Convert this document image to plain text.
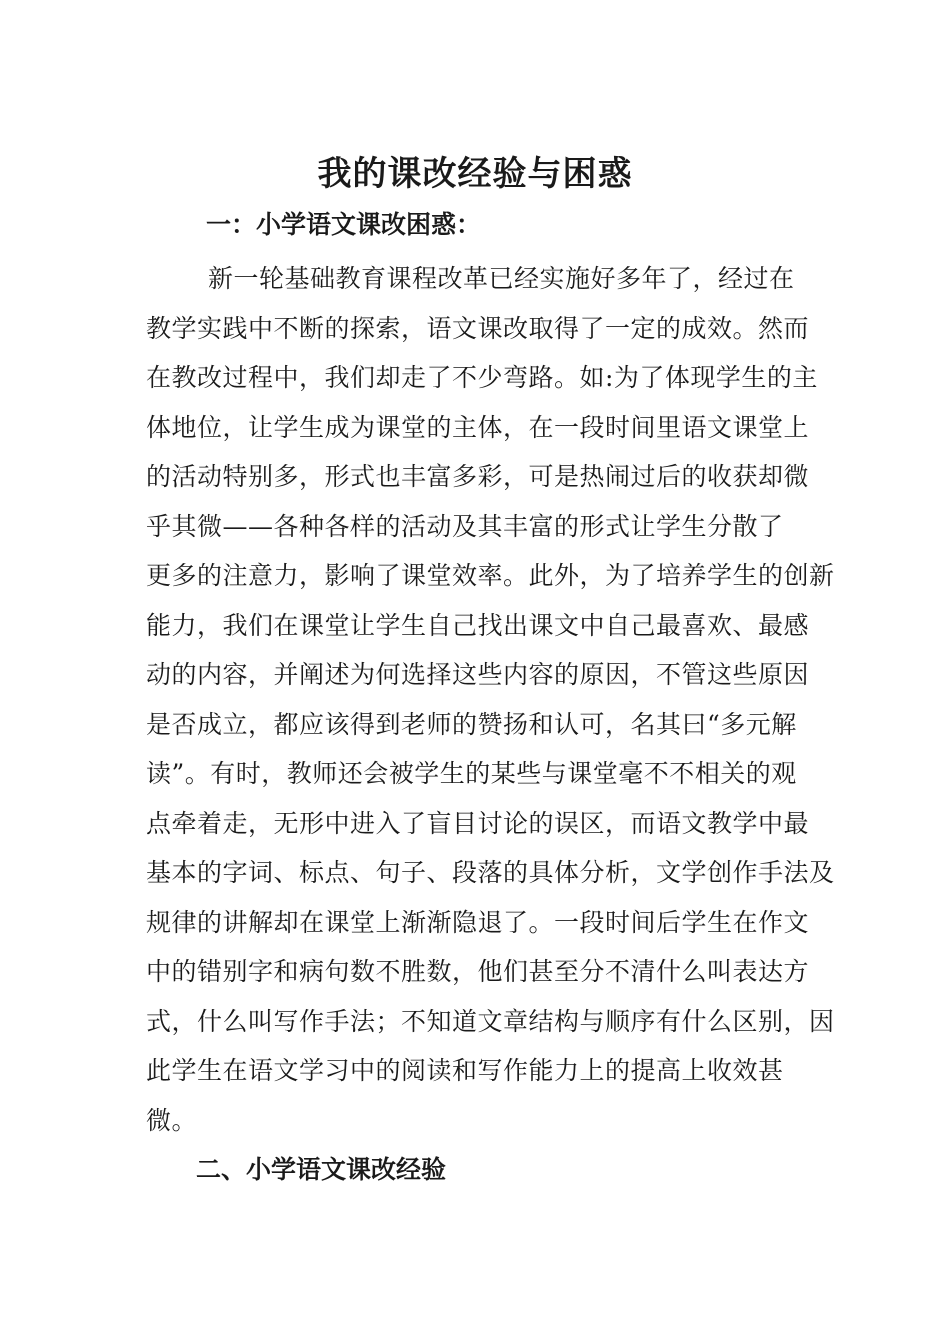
我的课改经验与困惑
一：小学语文课改困惑：
新一轮基础教育课程改革已经实施好多年了，经过在
教学实践中不断的探索，语文课改取得了一定的成效。然而
在教改过程中，我们却走了不少弯路。如:为了体现学生的主
体地位，让学生成为课堂的主体，在一段时间里语文课堂上
的活动特别多，形式也丰富多彩，可是热闹过后的收获却微
乎其微——各种各样的活动及其丰富的形式让学生分散了
更多的注意力，影响了课堂效率。此外，为了培养学生的创新
能力，我们在课堂让学生自己找出课文中自己最喜欢、最感
动的内容，并阐述为何选择这些内容的原因，不管这些原因
是否成立，都应该得到老师的赞扬和认可，名其曰“多元解
读”。有时，教师还会被学生的某些与课堂毫不不相关的观
点牵着走，无形中进入了盲目讨论的误区，而语文教学中最
基本的字词、标点、句子、段落的具体分析，文学创作手法及
规律的讲解却在课堂上渐渐隐退了。一段时间后学生在作文
中的错别字和病句数不胜数，他们甚至分不清什么叫表达方
式，什么叫写作手法；不知道文章结构与顺序有什么区别，因
此学生在语文学习中的阅读和写作能力上的提高上收效甚
微。
二、小学语文课改经验
